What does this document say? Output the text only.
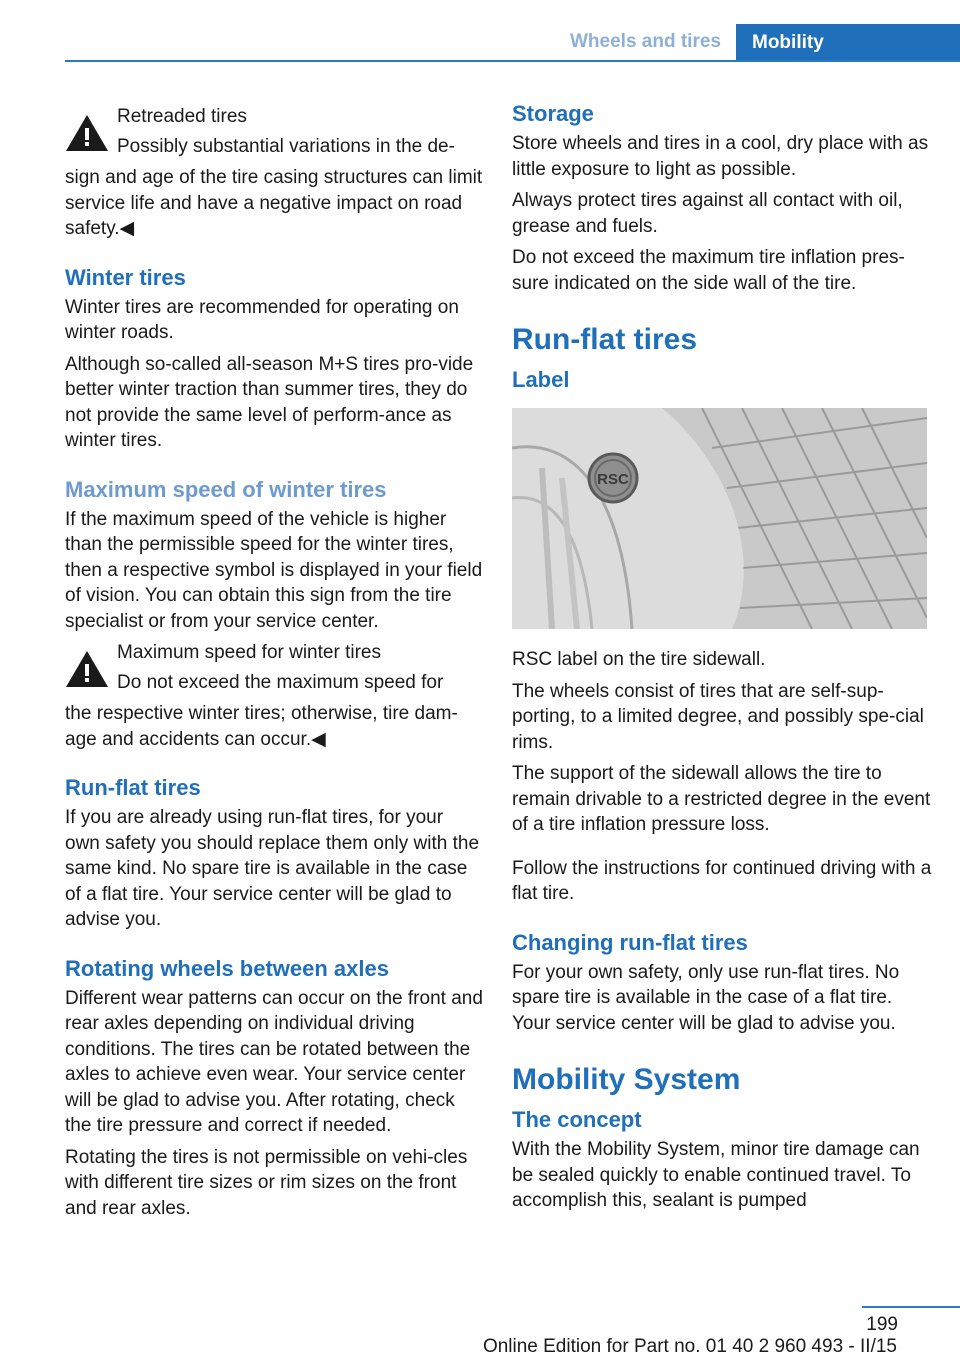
Wheels and tires	Mobility

Retreaded tires

Possibly substantial variations in the de‐

sign and age of the tire casing structures can limit service life and have a negative impact on road safety.◀

Winter tires

Winter tires are recommended for operating on winter roads.

Although so-called all-season M+S tires pro‐vide better winter traction than summer tires, they do not provide the same level of perform‐ance as winter tires.

Maximum speed of winter tires

If the maximum speed of the vehicle is higher than the permissible speed for the winter tires, then a respective symbol is displayed in your field of vision. You can obtain this sign from the tire specialist or from your service center.

Maximum speed for winter tires

Do not exceed the maximum speed for

the respective winter tires; otherwise, tire dam‐age and accidents can occur.◀

Run-flat tires

If you are already using run-flat tires, for your own safety you should replace them only with the same kind. No spare tire is available in the case of a flat tire. Your service center will be glad to advise you.

Rotating wheels between axles

Different wear patterns can occur on the front and rear axles depending on individual driving conditions. The tires can be rotated between the axles to achieve even wear. Your service center will be glad to advise you. After rotating, check the tire pressure and correct if needed.

Rotating the tires is not permissible on vehi‐cles with different tire sizes or rim sizes on the front and rear axles.

Storage

Store wheels and tires in a cool, dry place with as little exposure to light as possible.

Always protect tires against all contact with oil, grease and fuels.

Do not exceed the maximum tire inflation pres‐sure indicated on the side wall of the tire.

Run-flat tires
Label
RSC

RSC label on the tire sidewall.

The wheels consist of tires that are self-sup‐porting, to a limited degree, and possibly spe‐cial rims.

The support of the sidewall allows the tire to remain drivable to a restricted degree in the event of a tire inflation pressure loss.

Follow the instructions for continued driving with a flat tire.

Changing run-flat tires

For your own safety, only use run-flat tires. No spare tire is available in the case of a flat tire. Your service center will be glad to advise you.

Mobility System
The concept

With the Mobility System, minor tire damage can be sealed quickly to enable continued travel. To accomplish this, sealant is pumped

199
Online Edition for Part no. 01 40 2 960 493 - II/15
